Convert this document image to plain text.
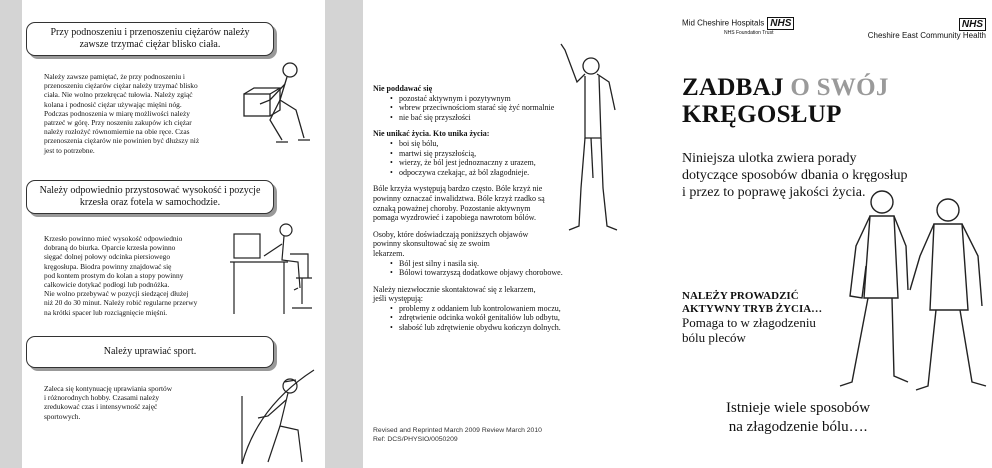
Przy podnoszeniu i przenoszeniu ciężarów należy zawsze trzymać ciężar blisko ciała.
Należy zawsze pamiętać, że przy podnoszeniu i
przenoszeniu ciężarów ciężar należy trzymać blisko
ciała. Nie wolno przekręcać tułowia. Należy zgiąć
kolana i podnosić ciężar używając mięśni nóg.
Podczas podnoszenia w miarę możliwości należy
patrzeć w górę. Przy noszeniu zakupów ich ciężar
należy rozłożyć równomiernie na obie ręce. Czas
przenoszenia ciężarów nie powinien być dłuższy niż
jest to potrzebne.
Należy odpowiednio przystosować wysokość i pozycje krzesła oraz fotela w samochodzie.
Krzesło powinno mieć wysokość odpowiednio
dobraną do biurka. Oparcie krzesła powinno
sięgać dolnej połowy odcinka piersiowego
kręgosłupa. Biodra powinny znajdować się
pod kontem prostym do kolan a stopy powinny
całkowicie dotykać podłogi lub podnóżka.
Nie wolno przebywać w pozycji siedzącej dłużej
niż 20 do 30 minut. Należy robić regularne przerwy
na krótki spacer lub rozciągnięcie mięśni.
Należy uprawiać sport.
Zaleca się kontynuację uprawiania sportów
i różnorodnych hobby. Czasami należy
zredukować czas i intensywność zajęć
sportowych.
Nie poddawać się
• pozostać aktywnym i pozytywnym
• wbrew przeciwnościom starać się żyć normalnie
• nie bać się przyszłości
Nie unikać życia. Kto unika życia:
• boi się bólu,
• martwi się przyszłością,
• wierzy, że ból jest jednoznaczny z urazem,
• odpoczywa czekając, aż ból złagodnieje.
Bóle krzyża występują bardzo często. Bóle krzyż nie
powinny oznaczać inwalidztwa. Bóle krzyż rzadko są
oznaką poważnej choroby. Pozostanie aktywnym
pomaga wyzdrowieć i zapobiega nawrotom bólów.
Osoby, które doświadczają poniższych objawów
powinny skonsultować się ze swoim
lekarzem.
• Ból jest silny i nasila się.
• Bólowi towarzyszą dodatkowe objawy chorobowe.
Należy niezwłocznie skontaktować się z lekarzem,
jeśli występują:
• problemy z oddaniem lub kontrolowaniem moczu,
• zdrętwienie odcinka wokół genitaliów lub odbytu,
• słabość lub zdrętwienie obydwu kończyn dolnych.
Revised and Reprinted March 2009 Review March 2010
Ref: DCS/PHYSIO/0050209
Mid Cheshire Hospitals NHS
NHS Foundation Trust
NHS
Cheshire East Community Health
ZADBAJ O SWÓJ
KRĘGOSŁUP
Niniejsza ulotka zwiera porady dotyczące sposobów dbania o kręgosłup i przez to poprawę jakości życia.
NALEŻY PROWADZIĆ
AKTYWNY TRYB ŻYCIA…
Pomaga to w złagodzeniu
bólu pleców
Istnieje wiele sposobów
na złagodzenie bólu….
